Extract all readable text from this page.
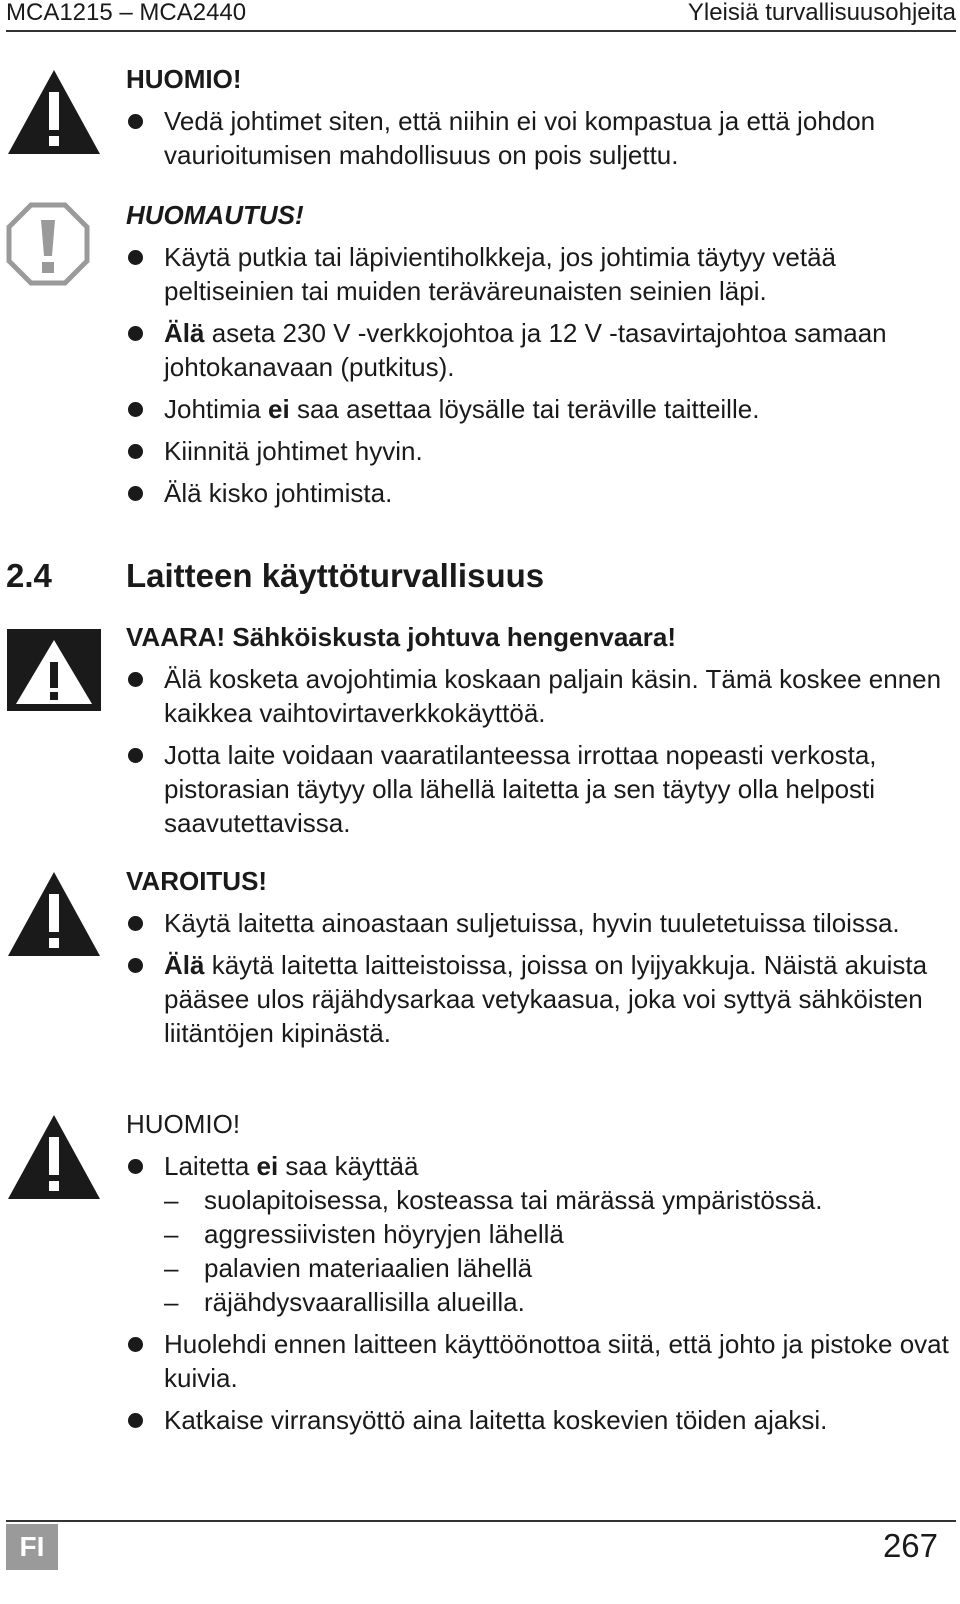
MCA1215 – MCA2440	Yleisiä turvallisuusohjeita

HUOMIO!

Vedä johtimet siten, että niihin ei voi kompastua ja että johdon vaurioitumisen mahdollisuus on pois suljettu.

HUOMAUTUS!

Käytä putkia tai läpivientiholkkeja, jos johtimia täytyy vetää peltiseinien tai muiden teräväreunaisten seinien läpi.
Älä aseta 230 V -verkkojohtoa ja 12 V -tasavirtajohtoa samaan johtokanavaan (putkitus).
Johtimia ei saa asettaa löysälle tai teräville taitteille.
Kiinnitä johtimet hyvin.
Älä kisko johtimista.
2.4 Laitteen käyttöturvallisuus

VAARA! Sähköiskusta johtuva hengenvaara!

Älä kosketa avojohtimia koskaan paljain käsin. Tämä koskee ennen kaikkea vaihtovirtaverkkokäyttöä.
Jotta laite voidaan vaaratilanteessa irrottaa nopeasti verkosta, pistorasian täytyy olla lähellä laitetta ja sen täytyy olla helposti saavutettavissa.

VAROITUS!

Käytä laitetta ainoastaan suljetuissa, hyvin tuuletetuissa tiloissa.
Älä käytä laitetta laitteistoissa, joissa on lyijyakkuja. Näistä akuista pääsee ulos räjähdysarkaa vetykaasua, joka voi syttyä sähköisten liitäntöjen kipinästä.

HUOMIO!

Laitetta ei saa käyttää
– suolapitoisessa, kosteassa tai märässä ympäristössä.
– aggressiivisten höyryjen lähellä
– palavien materiaalien lähellä
– räjähdysvaarallisilla alueilla.
Huolehdi ennen laitteen käyttöönottoa siitä, että johto ja pistoke ovat kuivia.
Katkaise virransyöttö aina laitetta koskevien töiden ajaksi.
FI	267
